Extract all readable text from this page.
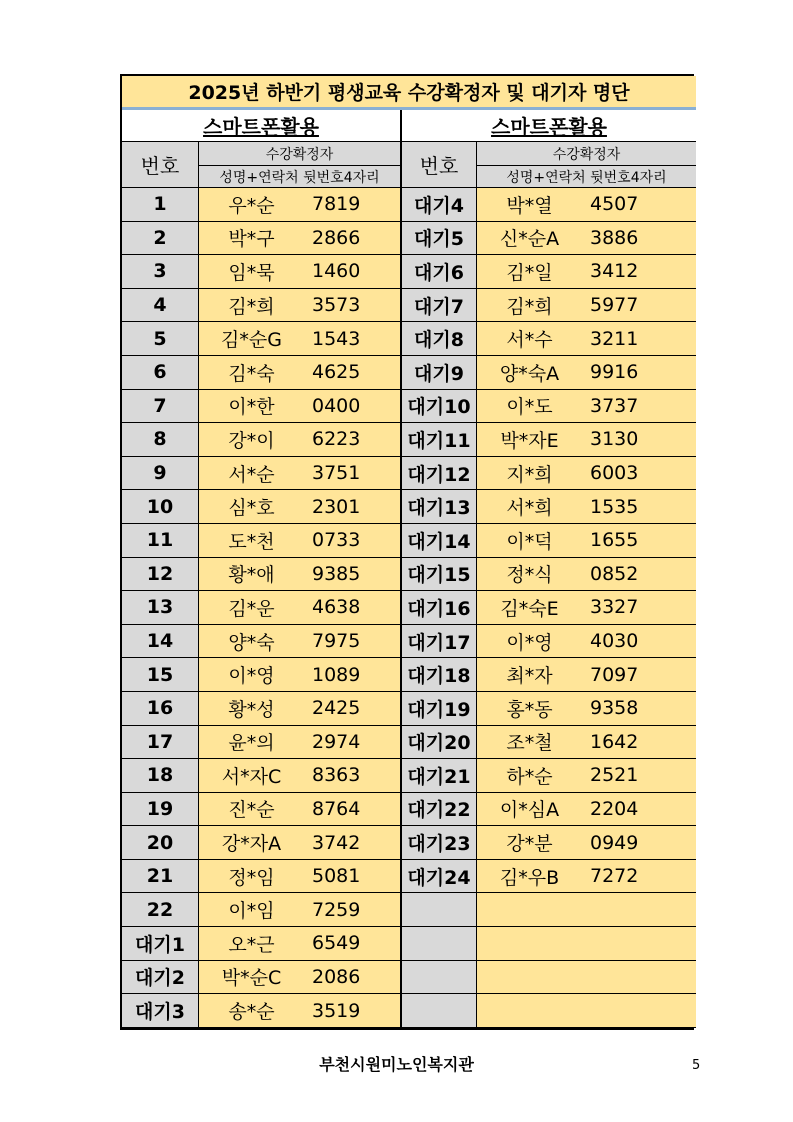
2025년 하반기 평생교육 수강확정자 및 대기자 명단
스마트폰활용	스마트폰활용
번호	수강확정자	번호	수강확정자
성명+연락처 뒷번호4자리	성명+연락처 뒷번호4자리
1	우*순	7819	대기4	박*열	4507
2	박*구	2866	대기5	신*순A	3886
3	임*묵	1460	대기6	김*일	3412
4	김*희	3573	대기7	김*희	5977
5	김*순G	1543	대기8	서*수	3211
6	김*숙	4625	대기9	양*숙A	9916
7	이*한	0400	대기10	이*도	3737
8	강*이	6223	대기11	박*자E	3130
9	서*순	3751	대기12	지*희	6003
10	심*호	2301	대기13	서*희	1535
11	도*천	0733	대기14	이*덕	1655
12	황*애	9385	대기15	정*식	0852
13	김*운	4638	대기16	김*숙E	3327
14	양*숙	7975	대기17	이*영	4030
15	이*영	1089	대기18	최*자	7097
16	황*성	2425	대기19	홍*동	9358
17	윤*의	2974	대기20	조*철	1642
18	서*자C	8363	대기21	하*순	2521
19	진*순	8764	대기22	이*심A	2204
20	강*자A	3742	대기23	강*분	0949
21	정*임	5081	대기24	김*우B	7272
22	이*임	7259
대기1	오*근	6549
대기2	박*순C	2086
대기3	송*순	3519
부천시원미노인복지관	5
